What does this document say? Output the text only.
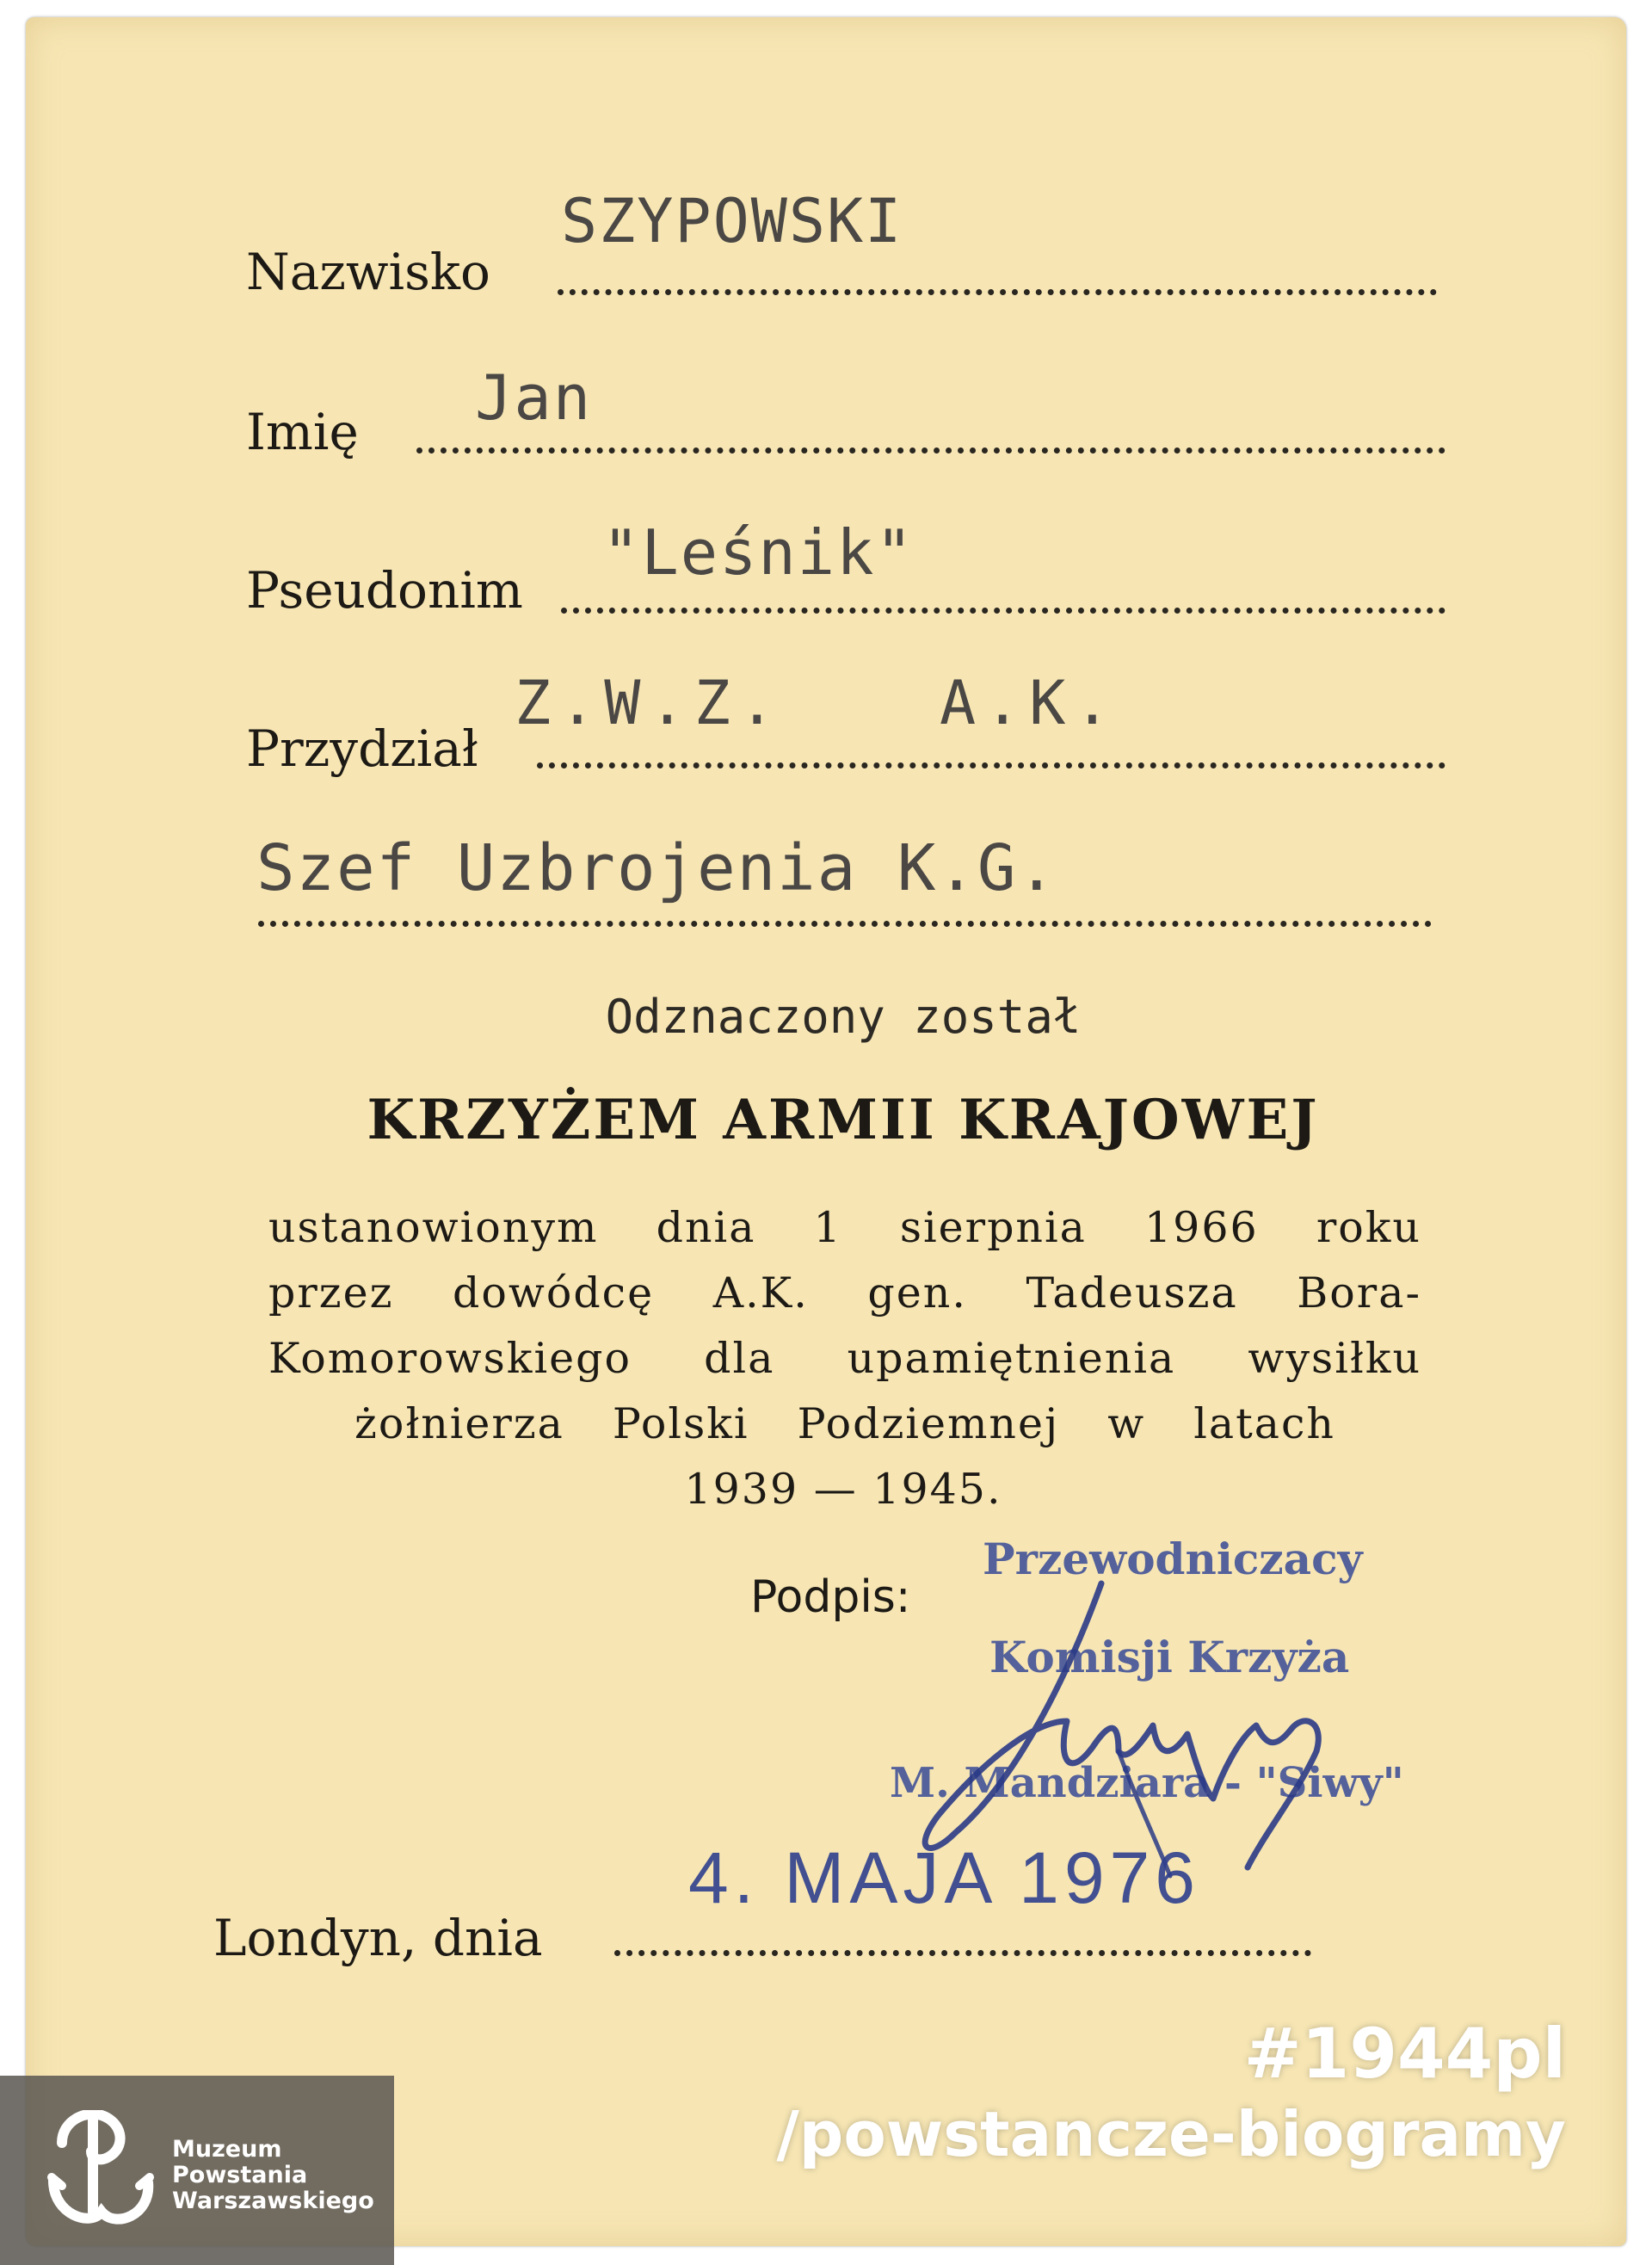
SZYPOWSKI
Nazwisko
Jan
Imię
"Leśnik"
Pseudonim
Z.W.Z.	A.K.
Przydział
Szef Uzbrojenia K.G.
Odznaczony został
KRZYŻEM ARMII KRAJOWEJ
ustanowionym dnia 1 sierpnia 1966 roku
przez dowódcę A.K. gen. Tadeusza Bora-
Komorowskiego dla upamiętnienia wysiłku
żołnierza Polski Podziemnej w latach
1939 — 1945.
Podpis:
Przewodniczacy
Komisji Krzyża
M. Mandziara - "Siwy"
4. MAJA 1976
Londyn, dnia
#1944pl
/powstancze-biogramy
Muzeum
Powstania
Warszawskiego
